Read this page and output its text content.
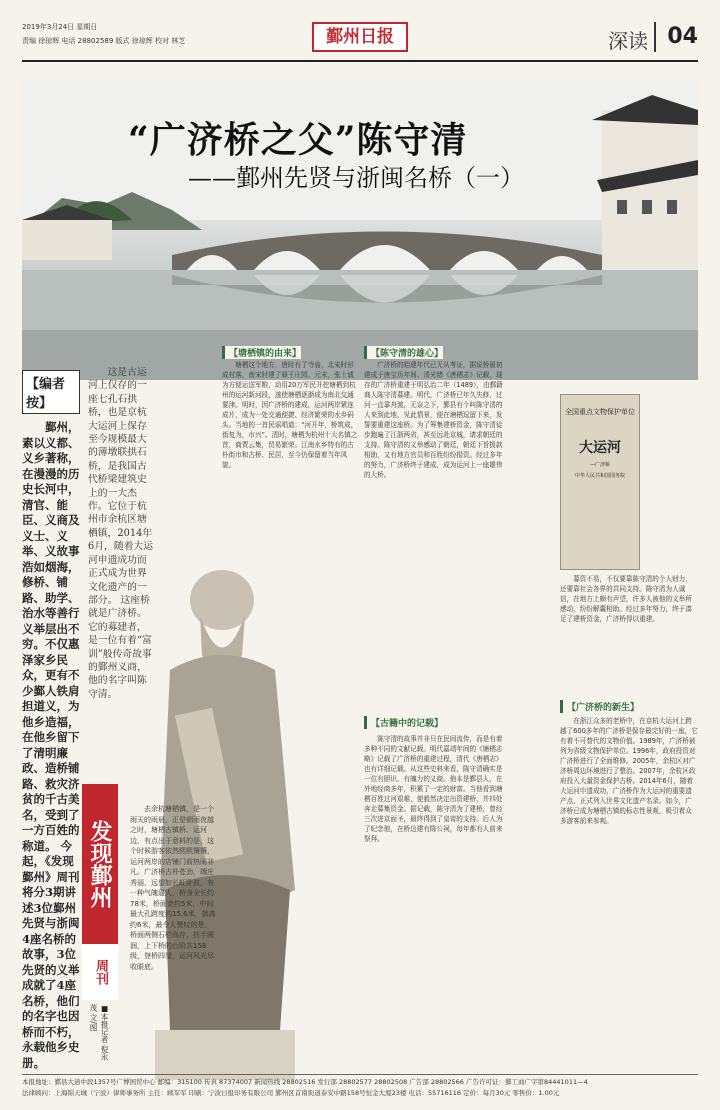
2019年3月24日 星期日
责编 徐琼辉 电话 28802589 版式 徐琼辉 校对 林芝	鄞州日报	深读 04
“广济桥之父”陈守清
——鄞州先贤与浙闽名桥（一）
【编者按】
鄞州，素以义都、义乡著称，在漫漫的历史长河中，清官、能臣、义商及义士、义举、义故事浩如烟海，修桥、铺路、助学、治水等善行义举层出不穷。不仅惠泽家乡民众，更有不少鄞人铁肩担道义，为他乡造福，在他乡留下了清明廉政、造桥铺路、救灾济贫的千古美名，受到了一方百姓的称道。 今起，《发现鄞州》周刊将分3期讲述3位鄞州先贤与浙闽4座名桥的故事，3位先贤的义举成就了4座名桥，他们的名字也因桥而不朽，永载他乡史册。
这是古运河上仅存的一座七孔石拱桥，也是京杭大运河上保存至今规模最大的薄墩联拱石桥，是我国古代桥梁建筑史上的一大杰作。它位于杭州市余杭区塘栖镇，2014年6月，随着大运河申遗成功而正式成为世界文化遗产的一部分。 这座桥就是广济桥。它的募建者，是一位有着“富训”般传奇故事的鄞州义商，他的名字叫陈守清。
去余杭塘栖镇，是一个雨天的雨晨，正是朝雨夜越之时，塘栖古镇桥、运河边，有点出于意料的是，这个时候游客依然熙熙攘攘，运河两岸的店铺门前热闹非凡。广济桥古朴苍劲，端庄秀丽，远望如长虹卧波，有一种气魄逼人，桥身全长约78米，桥面宽约5米，中间最大孔跨度约15.6米，拱高约6米，最令人赞叹的是，桥面两侧石栏尚存，扶手圆润，上下桥的台阶共158级，登桥四望，运河风光尽收眼底。
发现鄞州
周刊
■本报记者 倪永茂 文/图
【塘栖镇的由来】
塘栖这个地方，唐时有了寺庙，北宋时形成村落，南宋时建了驿王庄园。元末，张士诚为方便运送军粮，动用20万军民开挖塘栖到杭州的运河新河段，遂使塘栖逐渐成为南北交通要津。明时，因广济桥的建成，运河两岸紧连成片，成为一处交通便捷、经济繁荣的水乡码头。当地的一首民谣唱道：“河开年，桥筑成，街复为，市兴”。清时，塘栖为杭州十大名镇之首，商贾云集，贸易繁荣。江南水乡特有的古朴街市和古桥、民居，至今仍保留着当年风貌。
【陈守清的雄心】
广济桥的始建年代已无从考证，据说桥最初建成于唐宝历年间。清光绪《唐栖志》记载，现存的广济桥重建于明弘治二年（1489），由鄞籍商人陈守清募建。明代，广济桥已年久失修，过河一直靠舟渡，无奈之下，鄞县有个叫陈守清的人来到此地，见此情景，便在塘栖逗留下来，发誓要重建这座桥。为了筹集建桥资金，陈守清徒步跑遍了江浙两省，甚至远赴京城，请求朝廷的支持。陈守清的义举感动了朝廷，朝廷下旨拨款相助，又有地方官员和百姓纷纷捐资。经过多年的努力，广济桥终于建成，成为运河上一座雄伟的大桥。
【古籍中的记载】
陈守清的故事并非只在民间流传，而是有着多种不同的文献记载。明代嘉靖年间的《塘栖志略》记载了广济桥的重建过程，清代《唐栖志》也有详细记载。从这些史料来看，陈守清确实是一位有胆识、有魄力的义商。他本是鄞县人，在外地经商多年，积累了一定的财富。当他看到塘栖百姓过河艰难，便毅然决定出资建桥，并四处奔走募集资金。据记载，陈守清为了建桥，曾经三次进京面圣，最终得到了皇帝的支持。后人为了纪念他，在桥边建有陈公祠，每年都有人前来祭拜。
全国重点文物保护单位
大运河
—广济桥
中华人民共和国国务院
募资不易，不仅要靠陈守清的个人财力，还要靠社会各界的共同支持。陈守清为人诚信，在地方上颇有声望，许多人被他的义举所感动，纷纷解囊相助。经过多年努力，终于凑足了建桥资金，广济桥得以重建。
【广济桥的新生】
在浙江众多的老桥中，在京杭大运河上跨越了600多年的广济桥是保存最完好的一座，它有着不可替代的文物价值。1989年，广济桥被列为省级文物保护单位。1996年，政府投资对广济桥进行了全面维修。2005年，余杭区对广济桥周边环境进行了整治。2007年，余杭区政府投入大量资金保护古桥。2014年6月，随着大运河申遗成功，广济桥作为大运河的重要遗产点，正式列入世界文化遗产名录。如今，广济桥已成为塘栖古镇的标志性景观，吸引着众多游客前来参观。
本报地址：鄞县大道中段1357号广博国贸中心 邮编：315100 传真 87374007 新闻热线 28802516 发行部 28802577 28802508 广告部 28802566 广告许可证：鄞工商广字第84441011—4
法律顾问：上海锦天城（宁波）律师事务所 主任：顾军军 印刷：宁波日报印务有限公司 鄞州区首南街道泰安中路158号恒金大厦23楼 电话：55716116 定价：每月30元 零售价：1.00元
